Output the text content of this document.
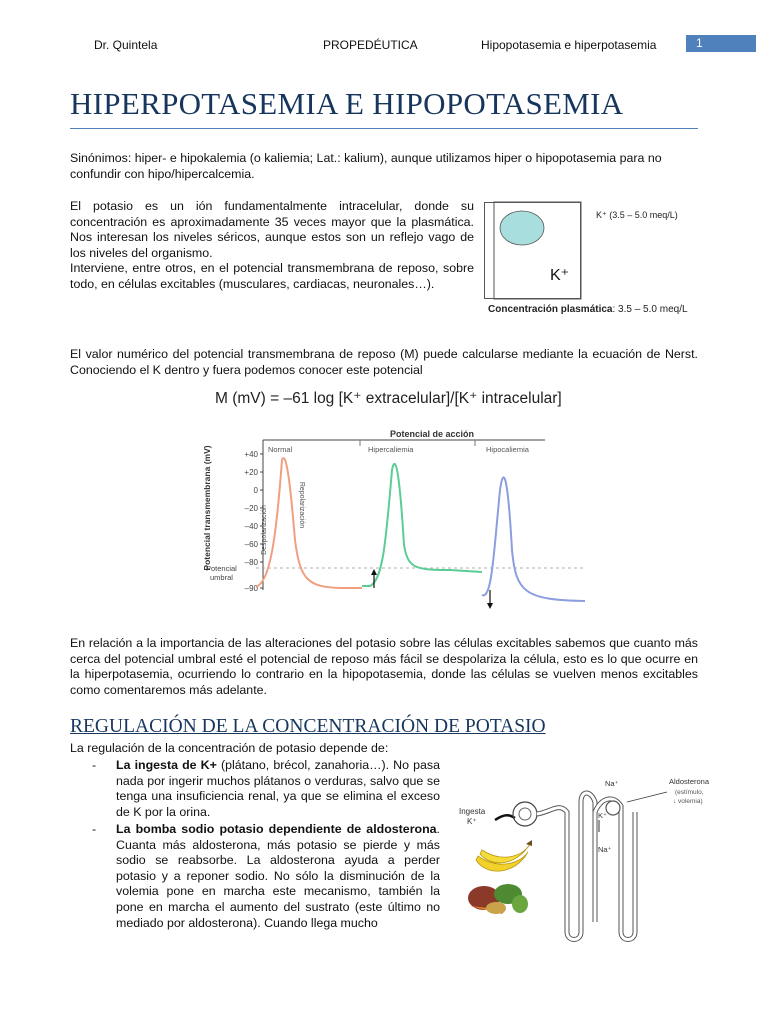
Dr. Quintela	PROPEDÉUTICA	Hipopotasemia e hiperpotasemia	1
HIPERPOTASEMIA E HIPOPOTASEMIA
Sinónimos: hiper- e hipokalemia (o kaliemia; Lat.: kalium), aunque utilizamos hiper o hipopotasemia para no confundir con hipo/hipercalcemia.
El potasio es un ión fundamentalmente intracelular, donde su concentración es aproximadamente 35 veces mayor que la plasmática. Nos interesan los niveles séricos, aunque estos son un reflejo vago de los niveles del organismo.
Interviene, entre otros, en el potencial transmembrana de reposo, sobre todo, en células excitables (musculares, cardiacas, neuronales…).
K⁺ (3.5 – 5.0 meq/L)
K⁺
Concentración plasmática: 3.5 – 5.0 meq/L
El valor numérico del potencial transmembrana de reposo (M) puede calcularse mediante la ecuación de Nerst. Conociendo el K dentro y fuera podemos conocer este potencial
M (mV) = –61 log [K⁺ extracelular]/[K⁺ intracelular]
Potencial de acción
Potencial transmembrana (mV)	+40
+20
0
–20
–40
–60
–80
–90
Potencial
umbral
Normal	Hipercaliemia	Hipocaliemia
Despolarización
Repolarización
En relación a la importancia de las alteraciones del potasio sobre las células excitables sabemos que cuanto más cerca del potencial umbral esté el potencial de reposo más fácil se despolariza la célula, esto es lo que ocurre en la hiperpotasemia, ocurriendo lo contrario en la hipopotasemia, donde las células se vuelven menos excitables como comentaremos más adelante.
REGULACIÓN DE LA CONCENTRACIÓN DE POTASIO
La regulación de la concentración de potasio depende de:
- La ingesta de K+ (plátano, brécol, zanahoria…). No pasa nada por ingerir muchos plátanos o verduras, salvo que se tenga una insuficiencia renal, ya que se elimina el exceso de K por la orina.
- La bomba sodio potasio dependiente de aldosterona. Cuanta más aldosterona, más potasio se pierde y más sodio se reabsorbe. La aldosterona ayuda a perder potasio y a reponer sodio. No sólo la disminución de la volemia pone en marcha este mecanismo, también la pone en marcha el aumento del sustrato (este último no mediado por aldosterona). Cuando llega mucho
Ingesta
K⁺
Na⁺
K⁺
Na⁺
Aldosterona
(estímulo,
↓ volemia)
